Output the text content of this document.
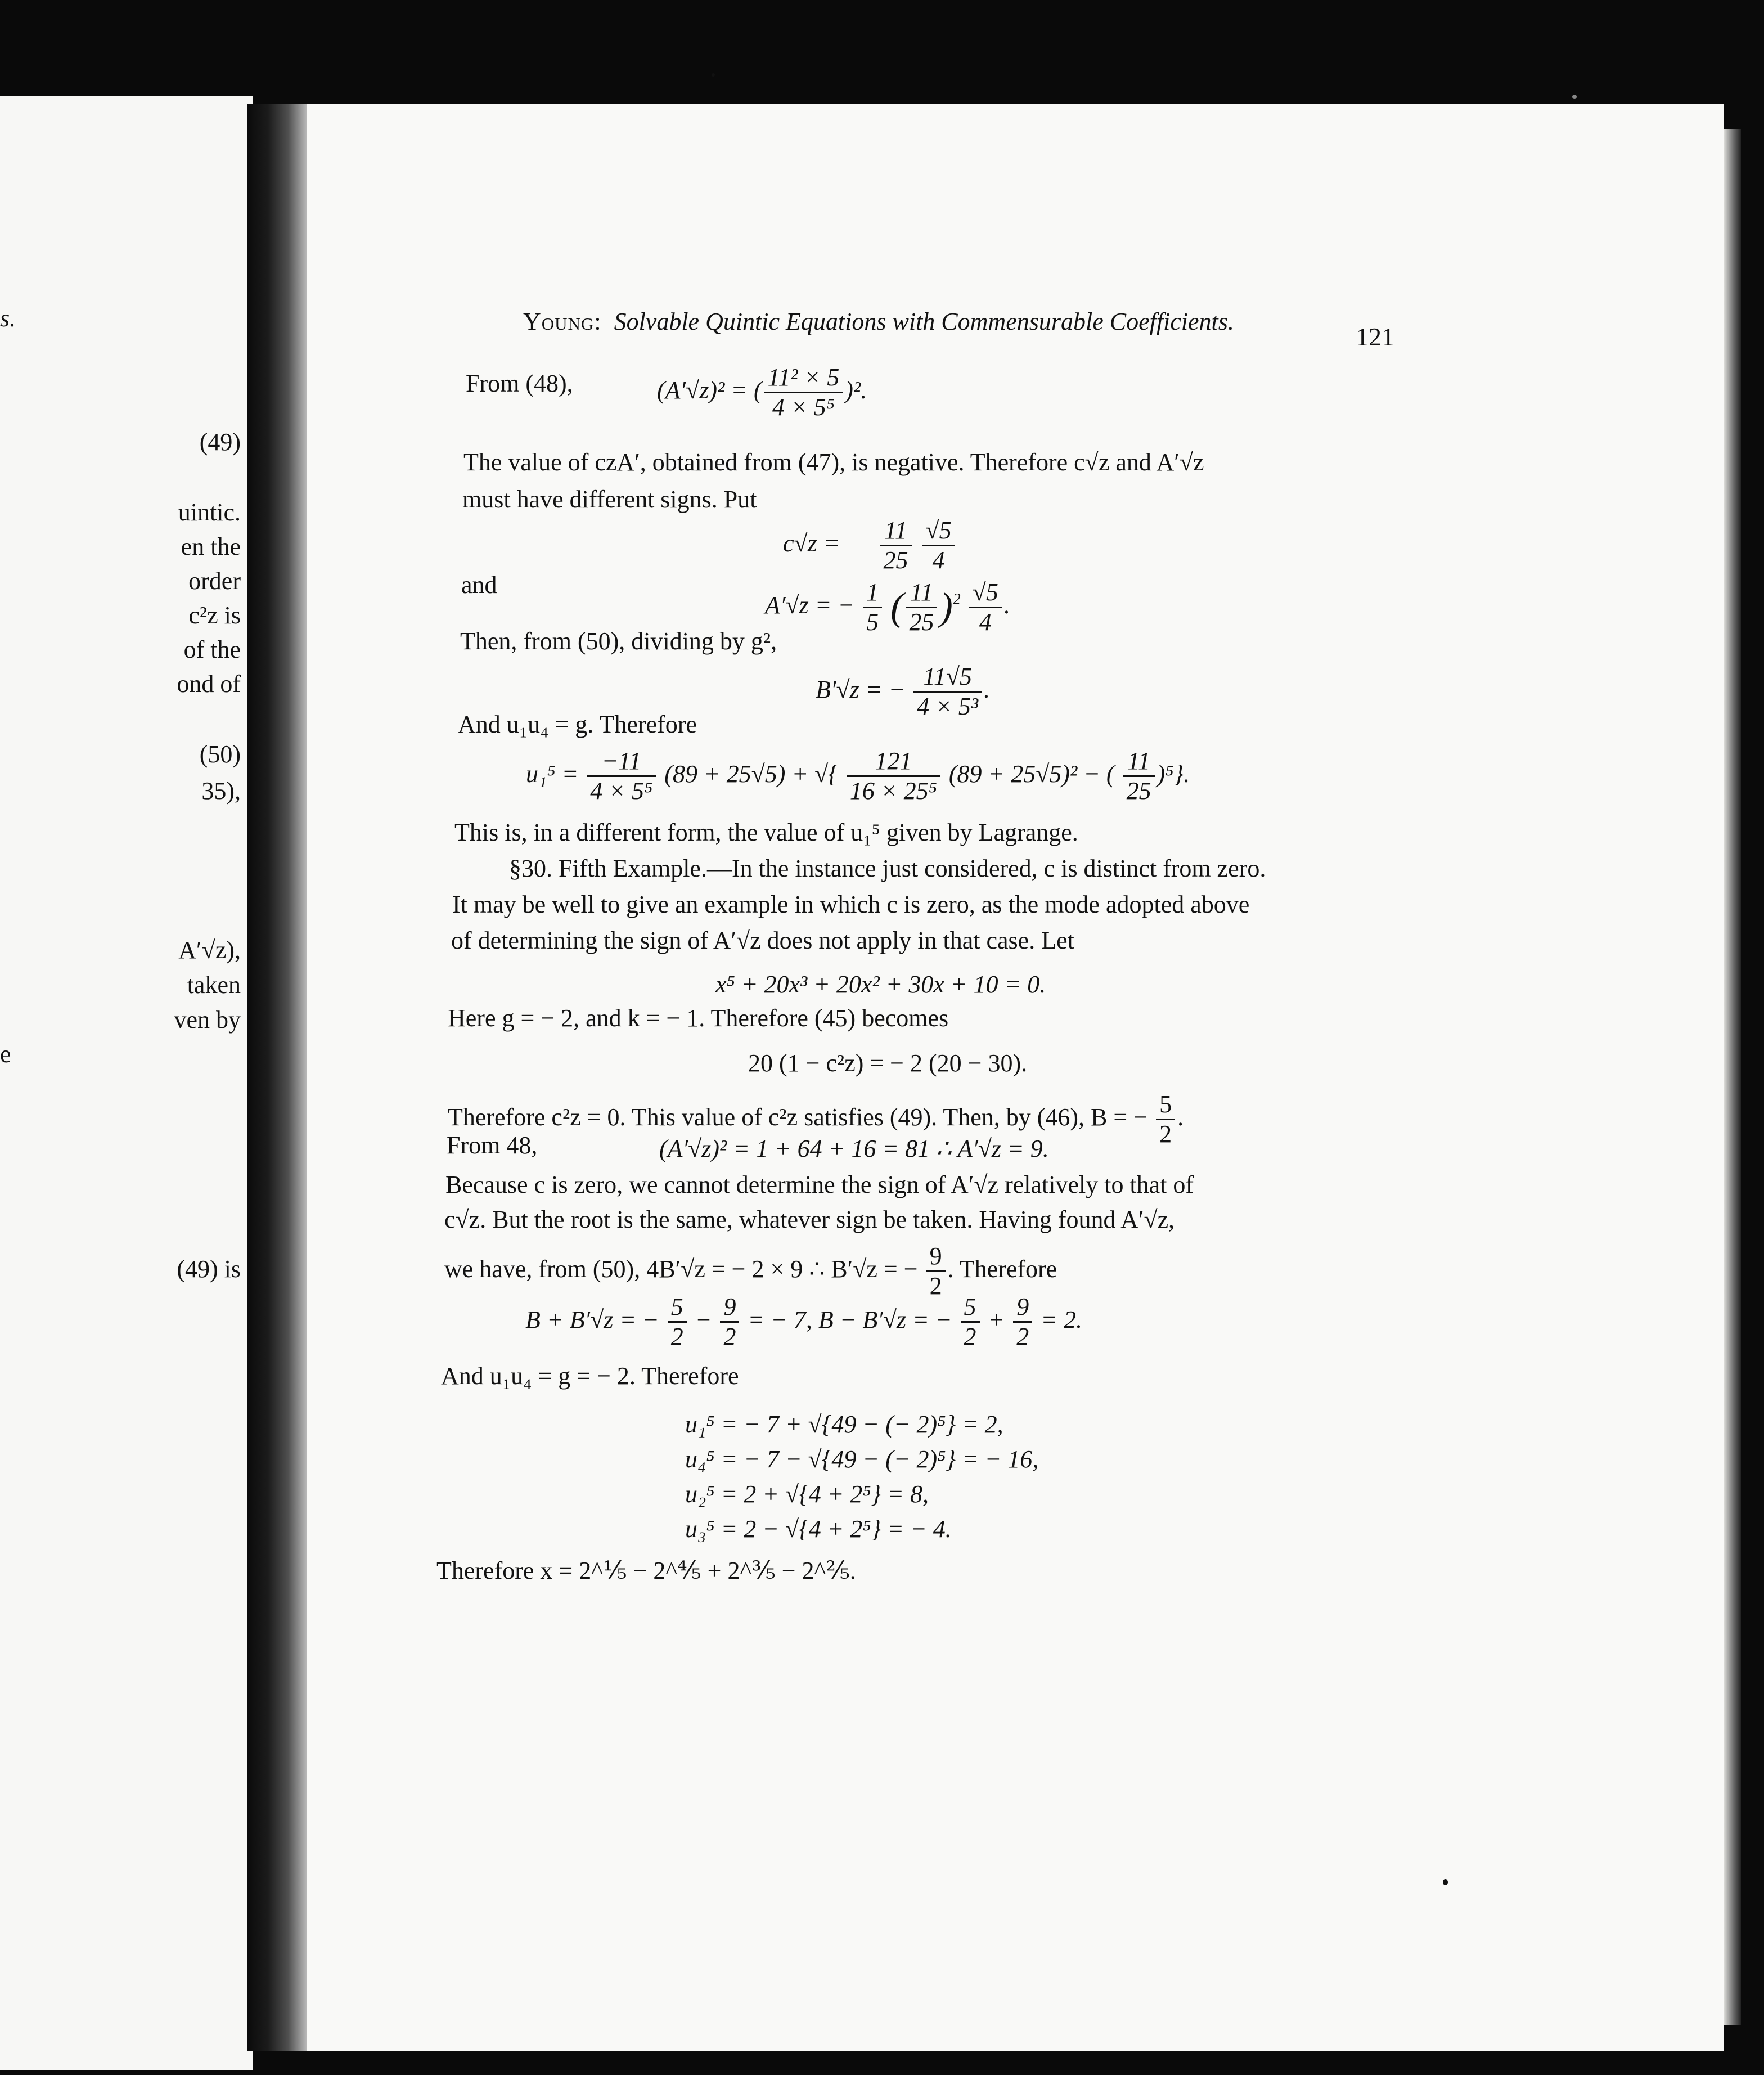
s.
(49)
uintic.
en the
order
c²z is
of the
ond of
(50)
35),
A′√z),
taken
ven by
e
(49) is
Young: Solvable Quintic Equations with Commensurable Coefficients.
121
From (48),	(A′√z)² = ( $\frac{\text{11² × 5}}{\text{4 × 5⁵}} )^2$.
The value of czA′, obtained from (47), is negative. Therefore c√z and A′√z
must have different signs. Put
$c√z = \frac{11}{25}$
$\frac{√5}{4}$
and
A′√z = − $\frac{1}{5}$ ( $\frac{11}{25} )^2 \frac{√5}{4}$ .
Then, from (50), dividing by g²,
B′√z = − $\frac{11√5}{\text{4 × 5³}}$ .
And u₁u₄ = g. Therefore
$u_1^5 = \frac{-11}{\text{4 × 5⁵}} (89 + 25√5)$ + √{ $\frac{121}{\text{16 × 25⁵}} (89 + 25√5)^2$ − ( $\frac{11}{25} )^5$}.
This is, in a different form, the value of u₁⁵ given by Lagrange.
§30. Fifth Example.—In the instance just considered, c is distinct from zero.
It may be well to give an example in which c is zero, as the mode adopted above
of determining the sign of A′√z does not apply in that case. Let
x⁵ + 20x³ + 20x² + 30x + 10 = 0.
Here g = − 2, and k = − 1. Therefore (45) becomes
20 (1 − c²z) = − 2 (20 − 30).
Therefore c²z = 0. This value of c²z satisfies (49). Then, by (46), B = − $\frac{5}{2}$ .
From 48,	(A′√z)² = 1 + 64 + 16 = 81 ∴ A′√z = 9.
Because c is zero, we cannot determine the sign of A′√z relatively to that of
c√z. But the root is the same, whatever sign be taken. Having found A′√z,
we have, from (50), 4B′√z = − 2 × 9 ∴ B′√z = − $\frac{9}{2}$ . Therefore
B + B′√z = − $\frac{5}{2} - \frac{9}{2}$ = − 7, B − B′√z = − $\frac{5}{2} + \frac{9}{2} = 2$.
And u₁u₄ = g = − 2. Therefore
u₁⁵ = − 7 + √{49 − (− 2)⁵} = 2,
u₄⁵ = − 7 − √{49 − (− 2)⁵} = − 16,
u₂⁵ = 2 + √{4 + 2⁵} = 8,
u₃⁵ = 2 − √{4 + 2⁵} = − 4.
Therefore x = 2^⅕ − 2^⅘ + 2^⅗ − 2^⅖.
